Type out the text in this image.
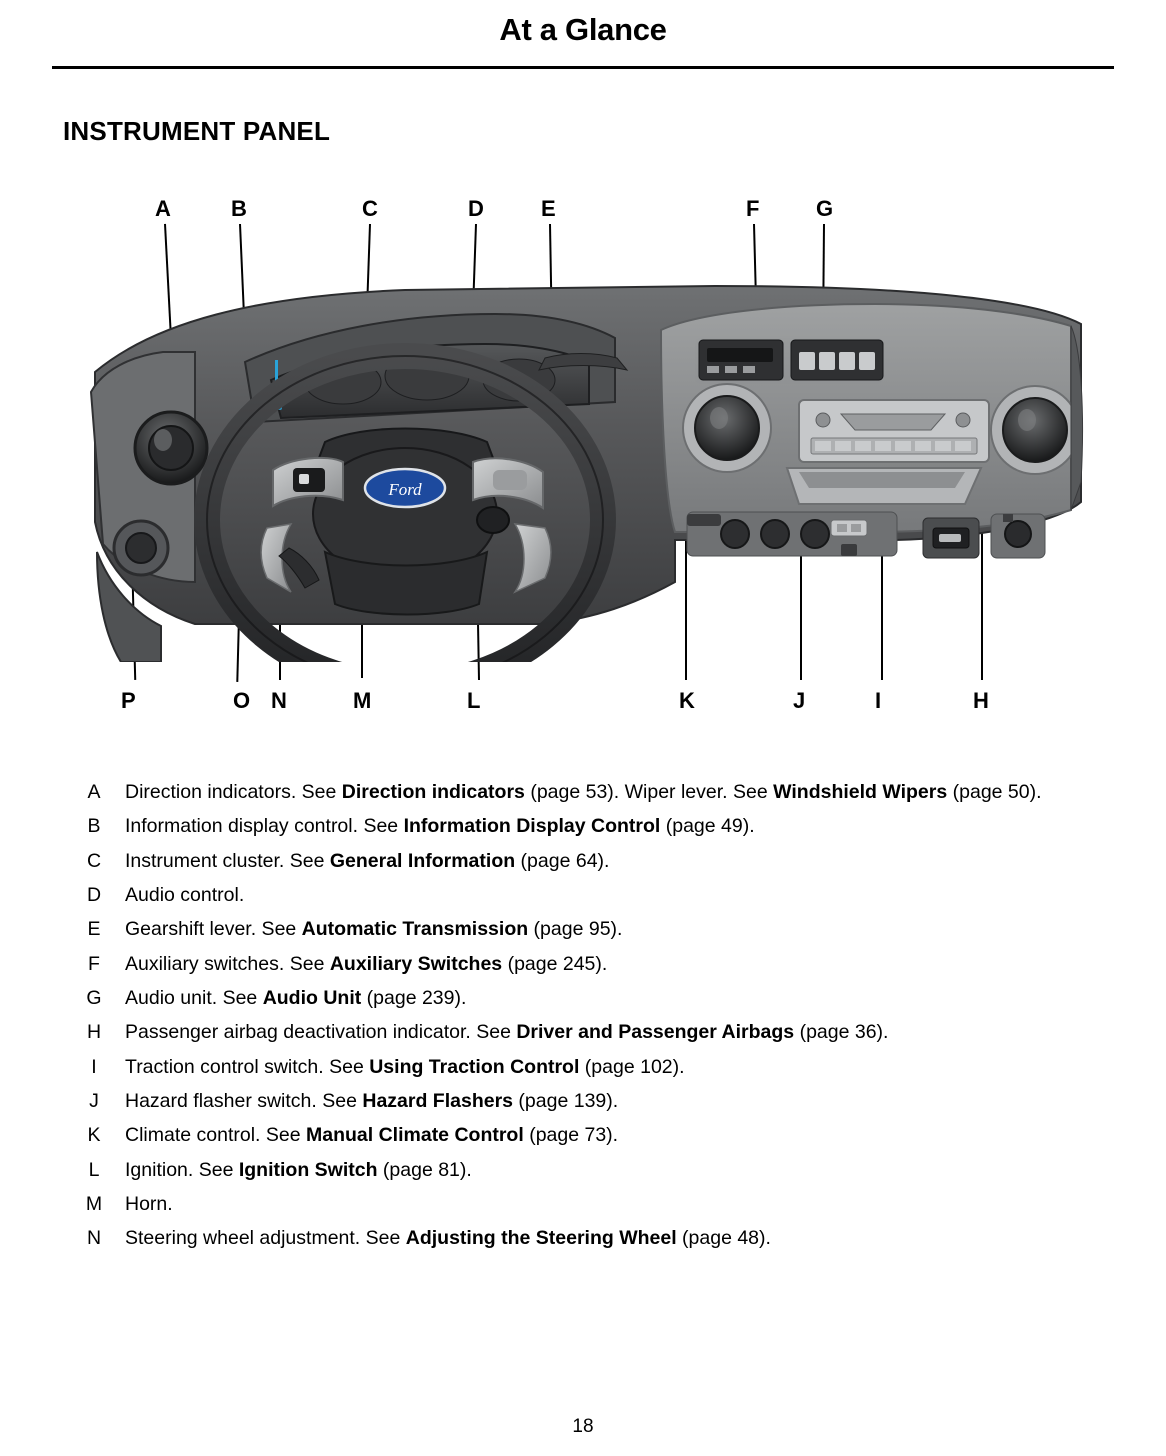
At a Glance
INSTRUMENT PANEL
A	B	C	D	E	F	G
P	O N	M	L	K	J	I	H
Ford
A	Direction indicators. See Direction indicators (page 53). Wiper lever. See Windshield Wipers (page 50).
B	Information display control. See Information Display Control (page 49).
C	Instrument cluster. See General Information (page 64).
D	Audio control.
E	Gearshift lever. See Automatic Transmission (page 95).
F	Auxiliary switches. See Auxiliary Switches (page 245).
G	Audio unit. See Audio Unit (page 239).
H	Passenger airbag deactivation indicator. See Driver and Passenger Airbags (page 36).
I	Traction control switch. See Using Traction Control (page 102).
J	Hazard flasher switch. See Hazard Flashers (page 139).
K	Climate control. See Manual Climate Control (page 73).
L	Ignition. See Ignition Switch (page 81).
M	Horn.
N	Steering wheel adjustment. See Adjusting the Steering Wheel (page 48).
18
